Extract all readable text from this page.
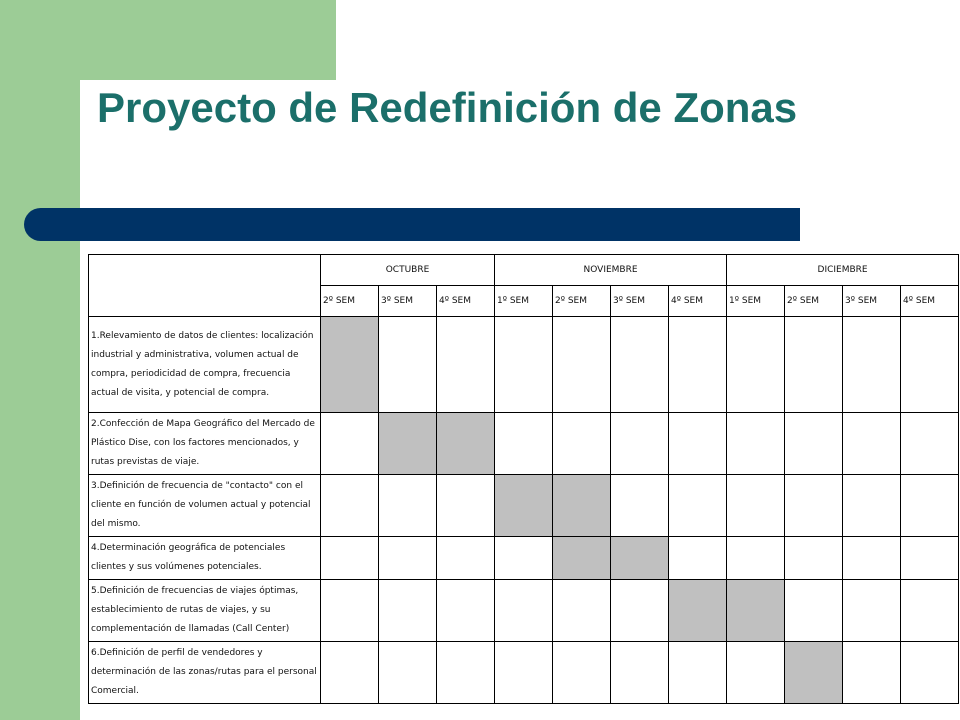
Proyecto de Redefinición de Zonas
	OCTUBRE			NOVIEMBRE				DICIEMBRE			
	2º SEM	3º SEM	4º SEM	1º SEM	2º SEM	3º SEM	4º SEM	1º SEM	2º SEM	3º SEM	4º SEM
1.Relevamiento de datos de clientes: localización industrial y administrativa, volumen actual de compra, periodicidad de compra, frecuencia actual de visita, y potencial de compra.											
2.Confección de Mapa Geográfico del Mercado de Plástico Dise, con los factores mencionados, y rutas previstas de viaje.											
3.Definición de frecuencia de "contacto" con el cliente en función de volumen actual y potencial del mismo.											
4.Determinación geográfica de potenciales clientes y sus volúmenes potenciales.											
5.Definición de frecuencias de viajes óptimas, establecimiento de rutas de viajes, y su complementación de llamadas (Call Center)											
6.Definición de perfil de vendedores y determinación de las zonas/rutas para el personal Comercial.											
